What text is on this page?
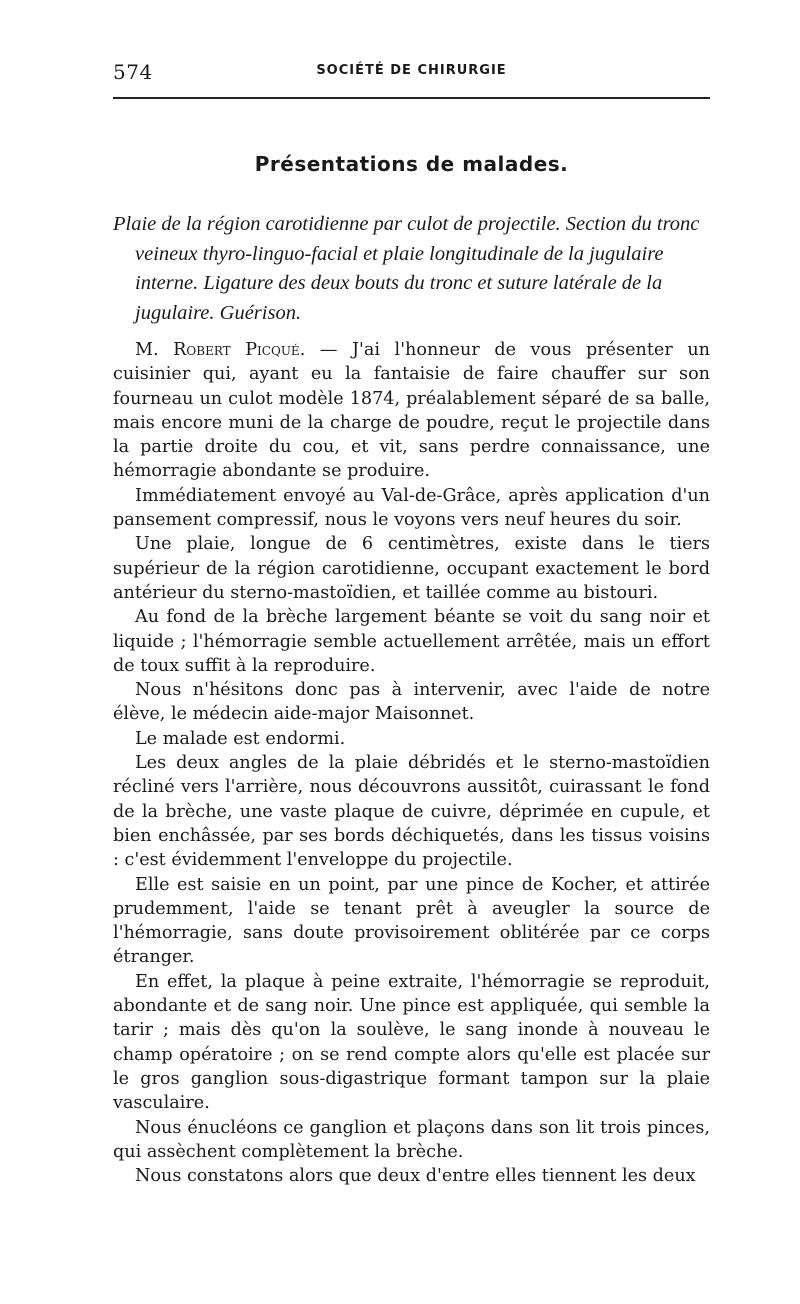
574	SOCIÉTÉ DE CHIRURGIE
Présentations de malades.
Plaie de la région carotidienne par culot de projectile. Section du tronc veineux thyro-linguo-facial et plaie longitudinale de la jugulaire interne. Ligature des deux bouts du tronc et suture latérale de la jugulaire. Guérison.

M. Robert Picqué. — J'ai l'honneur de vous présenter un cuisinier qui, ayant eu la fantaisie de faire chauffer sur son fourneau un culot modèle 1874, préalablement séparé de sa balle, mais encore muni de la charge de poudre, reçut le projectile dans la partie droite du cou, et vit, sans perdre connaissance, une hémorragie abondante se produire.

Immédiatement envoyé au Val-de-Grâce, après application d'un pansement compressif, nous le voyons vers neuf heures du soir.

Une plaie, longue de 6 centimètres, existe dans le tiers supérieur de la région carotidienne, occupant exactement le bord antérieur du sterno-mastoïdien, et taillée comme au bistouri.

Au fond de la brèche largement béante se voit du sang noir et liquide ; l'hémorragie semble actuellement arrêtée, mais un effort de toux suffit à la reproduire.

Nous n'hésitons donc pas à intervenir, avec l'aide de notre élève, le médecin aide-major Maisonnet.

Le malade est endormi.

Les deux angles de la plaie débridés et le sterno-mastoïdien récliné vers l'arrière, nous découvrons aussitôt, cuirassant le fond de la brèche, une vaste plaque de cuivre, déprimée en cupule, et bien enchâssée, par ses bords déchiquetés, dans les tissus voisins : c'est évidemment l'enveloppe du projectile.

Elle est saisie en un point, par une pince de Kocher, et attirée prudemment, l'aide se tenant prêt à aveugler la source de l'hémorragie, sans doute provisoirement oblitérée par ce corps étranger.

En effet, la plaque à peine extraite, l'hémorragie se reproduit, abondante et de sang noir. Une pince est appliquée, qui semble la tarir ; mais dès qu'on la soulève, le sang inonde à nouveau le champ opératoire ; on se rend compte alors qu'elle est placée sur le gros ganglion sous-digastrique formant tampon sur la plaie vasculaire.

Nous énucléons ce ganglion et plaçons dans son lit trois pinces, qui assèchent complètement la brèche.

Nous constatons alors que deux d'entre elles tiennent les deux
